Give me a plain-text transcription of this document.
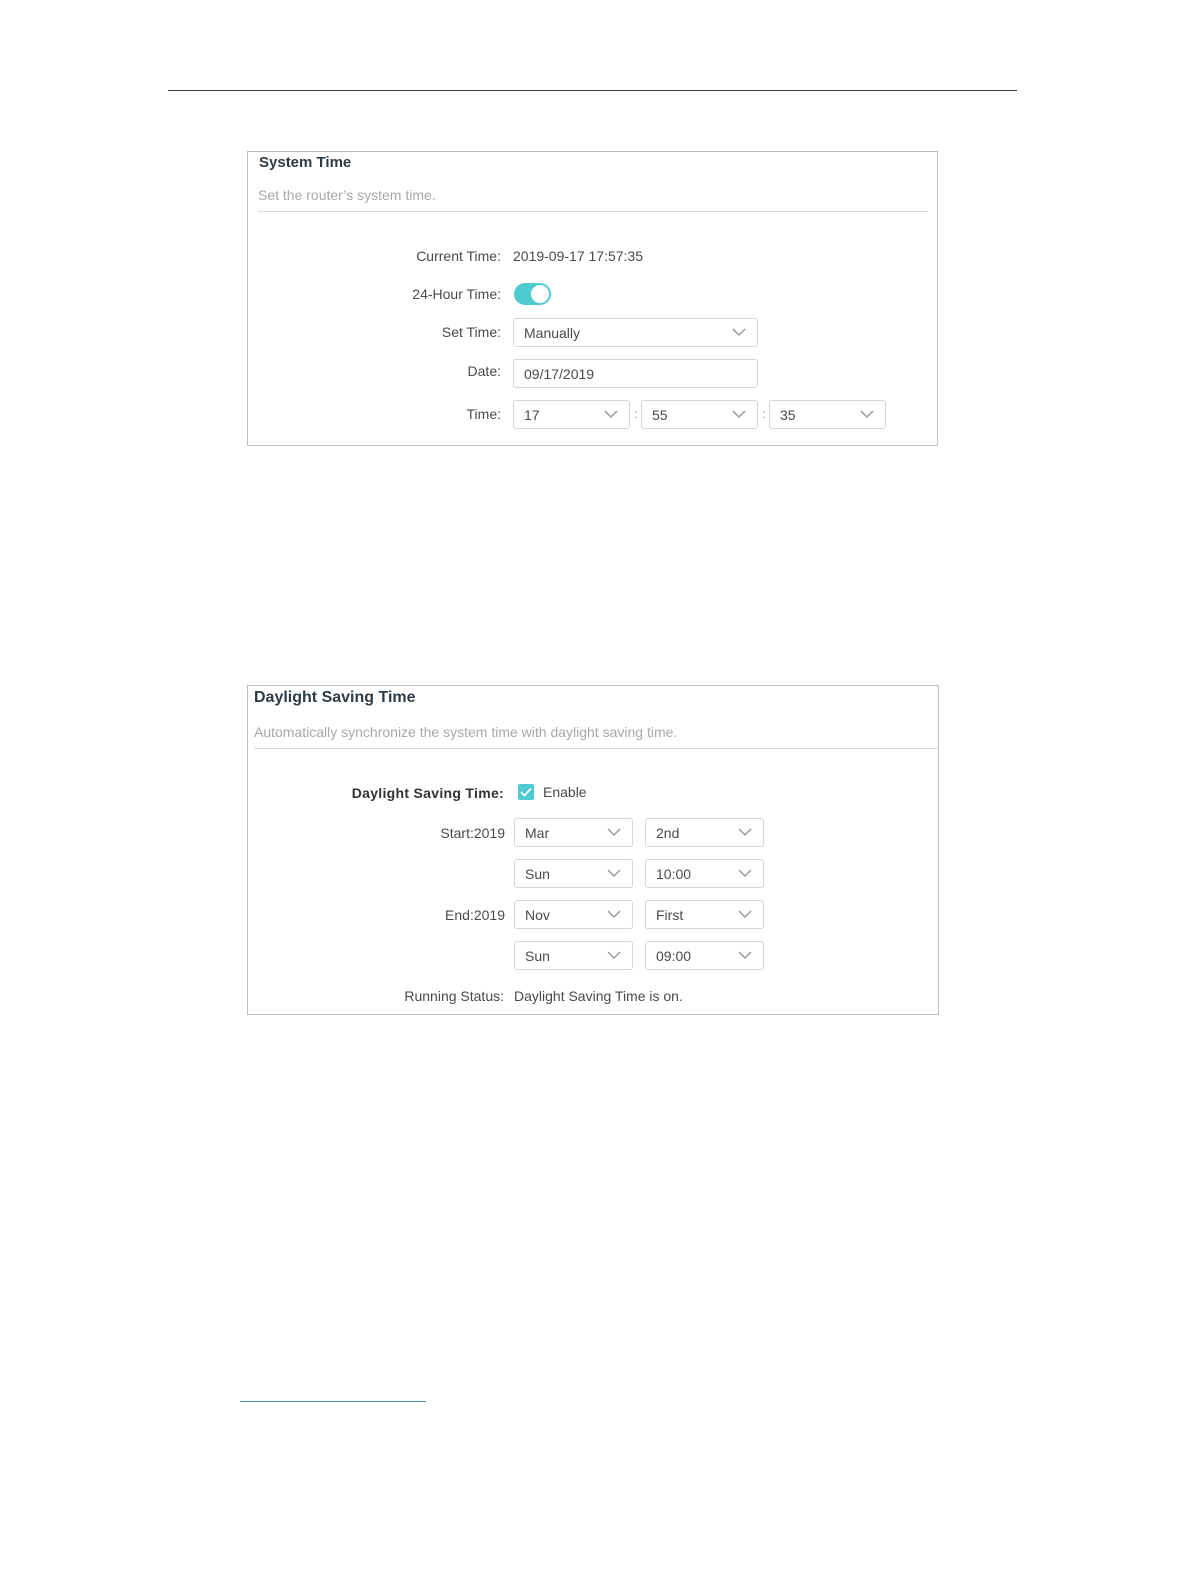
System Time
Set the router’s system time.
Current Time: 2019-09-17 17:57:35
24-Hour Time:
Set Time: Manually
Date: 09/17/2019
Time: 17	: 55	: 35
Daylight Saving Time
Automatically synchronize the system time with daylight saving time.
Daylight Saving Time:	Enable
Start:2019 Mar	2nd
Sun	10:00
End:2019 Nov	First
Sun	09:00
Running Status: Daylight Saving Time is on.
